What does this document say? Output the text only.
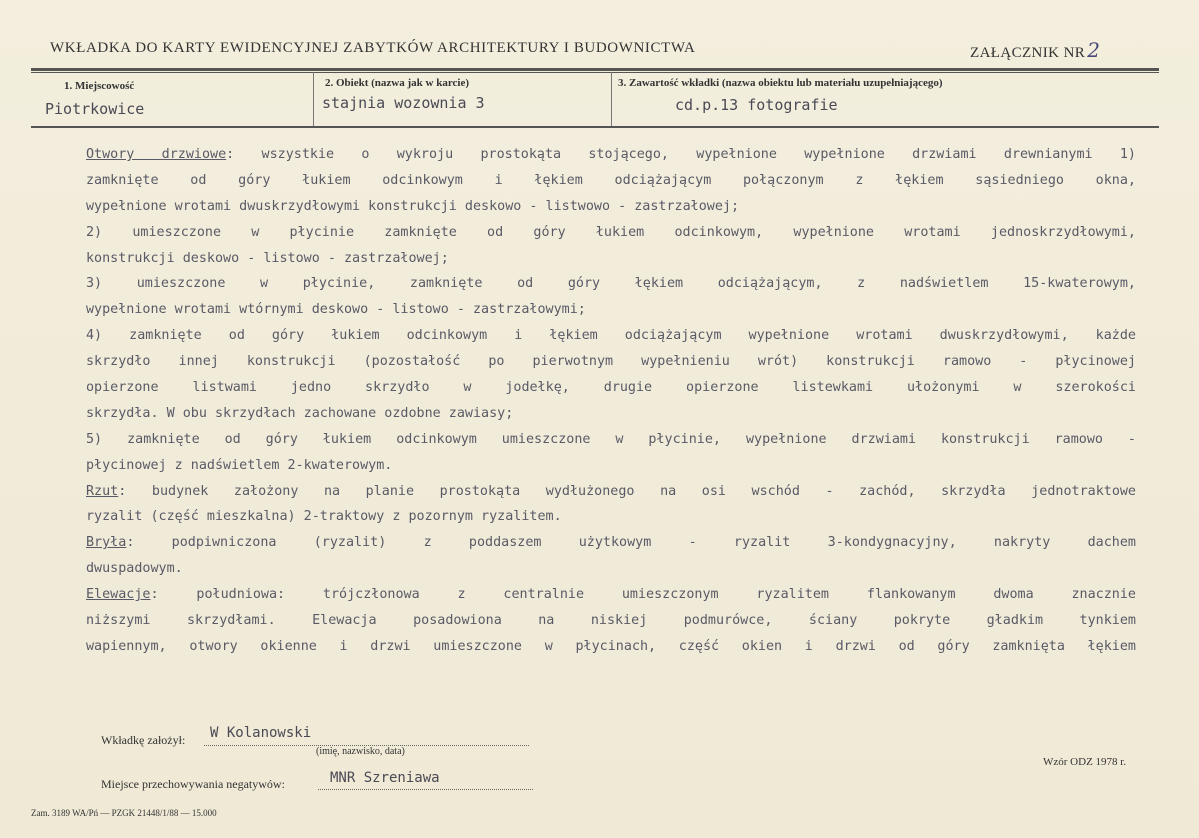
WKŁADKA DO KARTY EWIDENCYJNEJ ZABYTKÓW ARCHITEKTURY I BUDOWNICTWA	ZAŁĄCZNIK NR 2
1. Miejscowość
Piotrkowice
2. Obiekt (nazwa jak w karcie)
stajnia wozownia 3
3. Zawartość wkładki (nazwa obiektu lub materiału uzupełniającego)
cd.p.13 fotografie
Otwory drzwiowe: wszystkie o wykroju prostokąta stojącego, wypełnione wypełnione drzwiami drewnianymi 1)
zamknięte od góry łukiem odcinkowym i łękiem odciążającym połączonym z łękiem sąsiedniego okna,
wypełnione wrotami dwuskrzydłowymi konstrukcji deskowo - listwowo - zastrzałowej;
2) umieszczone w płycinie zamknięte od góry łukiem odcinkowym, wypełnione wrotami jednoskrzydłowymi,
konstrukcji deskowo - listowo - zastrzałowej;
3) umieszczone w płycinie, zamknięte od góry łękiem odciążającym, z nadświetlem 15-kwaterowym,
wypełnione wrotami wtórnymi deskowo - listowo - zastrzałowymi;
4) zamknięte od góry łukiem odcinkowym i łękiem odciążającym wypełnione wrotami dwuskrzydłowymi, każde
skrzydło innej konstrukcji (pozostałość po pierwotnym wypełnieniu wrót) konstrukcji ramowo - płycinowej
opierzone listwami jedno skrzydło w jodełkę, drugie opierzone listewkami ułożonymi w szerokości
skrzydła. W obu skrzydłach zachowane ozdobne zawiasy;
5) zamknięte od góry łukiem odcinkowym umieszczone w płycinie, wypełnione drzwiami konstrukcji ramowo -
płycinowej z nadświetlem 2-kwaterowym.
Rzut: budynek założony na planie prostokąta wydłużonego na osi wschód - zachód, skrzydła jednotraktowe
ryzalit (część mieszkalna) 2-traktowy z pozornym ryzalitem.
Bryła: podpiwniczona (ryzalit) z poddaszem użytkowym - ryzalit 3-kondygnacyjny, nakryty dachem
dwuspadowym.
Elewacje: południowa: trójczłonowa z centralnie umieszczonym ryzalitem flankowanym dwoma znacznie
niższymi skrzydłami. Elewacja posadowiona na niskiej podmurówce, ściany pokryte gładkim tynkiem
wapiennym, otwory okienne i drzwi umieszczone w płycinach, część okien i drzwi od góry zamknięta łękiem
Wkładkę założył: W Kolanowski
(imię, nazwisko, data)
Miejsce przechowywania negatywów:	MNR Szreniawa
Wzór ODZ 1978 r.
Zam. 3189 WA/Pń — PZGK 21448/1/88 — 15.000
